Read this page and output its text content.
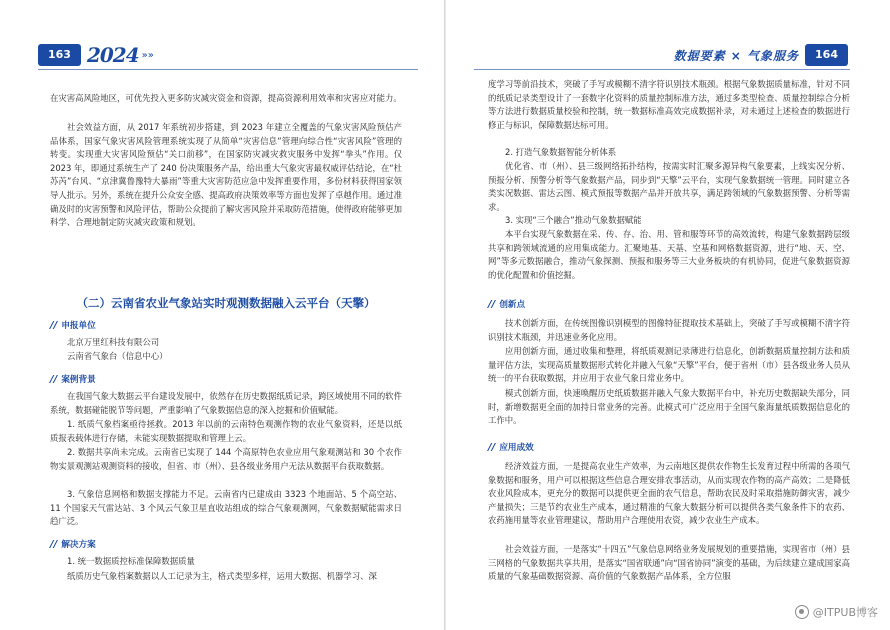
163 2024 »»

在灾害高风险地区，可优先投入更多防灾减灾资金和资源，提高资源利用效率和灾害应对能力。

社会效益方面，从 2017 年系统初步搭建，到 2023 年建立全覆盖的气象灾害风险预估产品体系，国家气象灾害风险管理系统实现了从简单“灾害信息”管理向综合性“灾害风险”管理的转变。实现重大灾害风险预估“关口前移”，在国家防灾减灾救灾服务中发挥“拳头”作用。仅 2023 年，即通过系统生产了 240 份决策服务产品，给出重大气象灾害最权威评估结论，在“杜苏芮”台风、“京津冀鲁豫特大暴雨”等重大灾害防范应急中发挥重要作用，多份材料获得国家领导人批示。另外，系统在提升公众安全感、提高政府决策效率等方面也发挥了卓越作用。通过准确及时的灾害预警和风险评估，帮助公众提前了解灾害风险并采取防范措施，使得政府能够更加科学、合理地制定防灾减灾政策和规划。

（二）云南省农业气象站实时观测数据融入云平台（天擎）
// 申报单位

北京万里红科技有限公司

云南省气象台（信息中心）

// 案例背景

在我国气象大数据云平台建设发展中，依然存在历史数据纸质记录，跨区域使用不同的软件系统，数据碰能脱节等问题，严重影响了气象数据信息的深入挖掘和价值赋能。

1. 纸质气象档案亟待拯救。2013 年以前的云南特色观测作物的农业气象资料，还是以纸质报表载体进行存储，未能实现数据提取和管理上云。

2. 数据共享尚未完成。云南省已实现了 144 个高原特色农业应用气象观测站和 30 个农作物实景观测站观测资料的接收，但省、市（州）、县各级业务用户无法从数据平台获取数据。

3. 气象信息网格和数据支撑能力不足。云南省内已建成由 3323 个地面站、5 个高空站、11 个国家天气雷达站、3 个风云气象卫星直收站组成的综合气象观测网，气象数据赋能需求日趋广泛。

// 解决方案

1. 统一数据质控标准保障数据质量

纸质历史气象档案数据以人工记录为主，格式类型多样，运用大数据、机器学习、深

数据要素 × 气象服务	164

度学习等前沿技术，突破了手写或模糊不清字符识别技术瓶颈。根据气象数据质量标准，针对不同的纸质记录类型设计了一套数字化资料的质量控制标准方法，通过多类型检查、质量控制综合分析等方法进行数据质量校验和控制，统一数据标准高效完成数据补录，对未通过上述检查的数据进行修正与标识，保障数据达标可用。

2. 打造气象数据智能分析体系

优化省、市（州）、县三级网络拓扑结构，按需实时汇聚多源异构气象要素，上线实况分析、预报分析、预警分析等气象数据产品，同步到“天擎”云平台，实现气象数据统一管理。同时建立各类实况数据、雷达云图、模式预报等数据产品并开放共享，满足跨领域的气象数据预警、分析等需求。

3. 实现“三个融合”推动气象数据赋能

本平台实现气象数据在采、传、存、治、用、管和服等环节的高效流转，构建气象数据跨层级共享和跨领域流通的应用集成能力。汇聚地基、天基、空基和网格数据资源，进行“地、天、空、网”等多元数据融合，推动气象探测、预报和服务等三大业务板块的有机协同，促进气象数据资源的优化配置和价值挖掘。

// 创新点

技术创新方面，在传统图像识别模型的图像特征提取技术基础上，突破了手写或模糊不清字符识别技术瓶颈，并迅速业务化应用。

应用创新方面，通过收集和整理，将纸质观测记录薄进行信息化，创新数据质量控制方法和质量评估方法，实现高质量数据形式转化并融入气象“天擎”平台，便于省州（市）县各级业务人员从统一的平台获取数据，并应用于农业气象日常业务中。

模式创新方面，快速唤醒历史纸质数据并融入气象大数据平台中，补充历史数据缺失部分，同时，新增数据更全面的加持日常业务的完善。此模式可广泛应用于全国气象海量纸质数据信息化的工作中。

// 应用成效

经济效益方面，一是提高农业生产效率，为云南地区提供农作物生长发育过程中所需的各项气象数据和服务，用户可以根据这些信息合理安排农事活动，从而实现农作物的高产高效；二是降低农业风险成本，更充分的数据可以提供更全面的农气信息，帮助农民及时采取措施防御灾害，减少产量损失；三是节约农业生产成本，通过精准的气象大数据分析可以提供各类气象条件下的农药、农药施用量等农业管理建议，帮助用户合理使用农资，减少农业生产成本。

社会效益方面，一是落实“十四五”气象信息网络业务发展规划的重要措施，实现省市（州）县三网格的气象数据共享共用，是落实“国省联通”向“国省协同”演变的基础，为后续建立建成国家高质量的气象基础数据资源、高价值的气象数据产品体系，全方位服

@ITPUB博客
